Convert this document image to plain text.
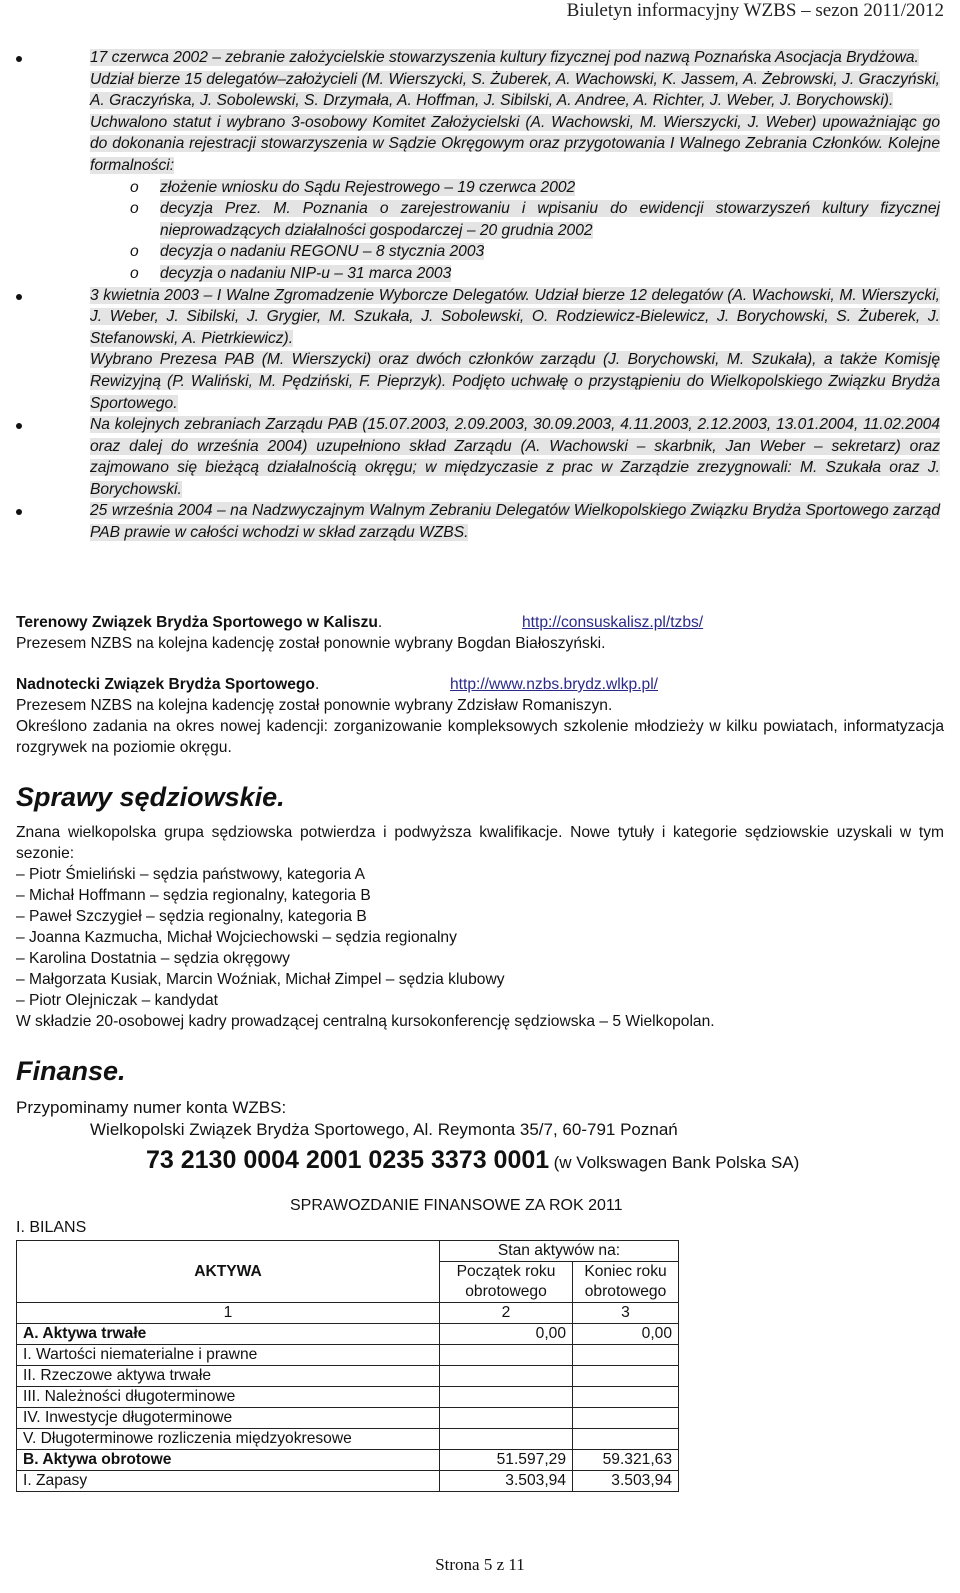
Biuletyn informacyjny WZBS – sezon 2011/2012
17 czerwca 2002 – zebranie założycielskie stowarzyszenia kultury fizycznej pod nazwą Poznańska Asocjacja Brydżowa.
Udział bierze 15 delegatów–założycieli (M. Wierszycki, S. Żuberek, A. Wachowski, K. Jassem, A. Żebrowski, J. Graczyński, A. Graczyńska, J. Sobolewski, S. Drzymała, A. Hoffman, J. Sibilski, A. Andree, A. Richter, J. Weber, J. Borychowski).
Uchwalono statut i wybrano 3-osobowy Komitet Założycielski (A. Wachowski, M. Wierszycki, J. Weber) upoważniając go do dokonania rejestracji stowarzyszenia w Sądzie Okręgowym oraz przygotowania I Walnego Zebrania Członków. Kolejne formalności:
o złożenie wniosku do Sądu Rejestrowego – 19 czerwca 2002
o decyzja Prez. M. Poznania o zarejestrowaniu i wpisaniu do ewidencji stowarzyszeń kultury fizycznej nieprowadzących działalności gospodarczej – 20 grudnia 2002
o decyzja o nadaniu REGONU – 8 stycznia 2003
o decyzja o nadaniu NIP-u – 31 marca 2003
3 kwietnia 2003 – I Walne Zgromadzenie Wyborcze Delegatów. Udział bierze 12 delegatów (A. Wachowski, M. Wierszycki, J. Weber, J. Sibilski, J. Grygier, M. Szukała, J. Sobolewski, O. Rodziewicz-Bielewicz, J. Borychowski, S. Żuberek, J. Stefanowski, A. Pietrkiewicz).
Wybrano Prezesa PAB (M. Wierszycki) oraz dwóch członków zarządu (J. Borychowski, M. Szukała), a także Komisję Rewizyjną (P. Waliński, M. Pędziński, F. Pieprzyk). Podjęto uchwałę o przystąpieniu do Wielkopolskiego Związku Brydża Sportowego.
Na kolejnych zebraniach Zarządu PAB (15.07.2003, 2.09.2003, 30.09.2003, 4.11.2003, 2.12.2003, 13.01.2004, 11.02.2004 oraz dalej do września 2004) uzupełniono skład Zarządu (A. Wachowski – skarbnik, Jan Weber – sekretarz) oraz zajmowano się bieżącą działalnością okręgu; w międzyczasie z prac w Zarządzie zrezygnowali: M. Szukała oraz J. Borychowski.
25 września 2004 – na Nadzwyczajnym Walnym Zebraniu Delegatów Wielkopolskiego Związku Brydża Sportowego zarząd PAB prawie w całości wchodzi w skład zarządu WZBS.
Terenowy Związek Brydża Sportowego w Kaliszu.	http://consuskalisz.pl/tzbs/
Prezesem NZBS na kolejna kadencję został ponownie wybrany Bogdan Białoszyński.
Nadnotecki Związek Brydża Sportowego.	http://www.nzbs.brydz.wlkp.pl/
Prezesem NZBS na kolejna kadencję został ponownie wybrany Zdzisław Romaniszyn.
Określono zadania na okres nowej kadencji: zorganizowanie kompleksowych szkolenie młodzieży w kilku powiatach, informatyzacja rozgrywek na poziomie okręgu.
Sprawy sędziowskie.
Znana wielkopolska grupa sędziowska potwierdza i podwyższa kwalifikacje. Nowe tytuły i kategorie sędziowskie uzyskali w tym sezonie:
– Piotr Śmieliński – sędzia państwowy, kategoria A
– Michał Hoffmann – sędzia regionalny, kategoria B
– Paweł Szczygieł – sędzia regionalny, kategoria B
– Joanna Kazmucha, Michał Wojciechowski – sędzia regionalny
– Karolina Dostatnia – sędzia okręgowy
– Małgorzata Kusiak, Marcin Woźniak, Michał Zimpel – sędzia klubowy
– Piotr Olejniczak – kandydat
W składzie 20-osobowej kadry prowadzącej centralną kursokonferencję sędziowska – 5 Wielkopolan.
Finanse.
Przypominamy numer konta WZBS:
Wielkopolski Związek Brydża Sportowego, Al. Reymonta 35/7, 60-791 Poznań
73 2130 0004 2001 0235 3373 0001 (w Volkswagen Bank Polska SA)
SPRAWOZDANIE FINANSOWE ZA ROK 2011
I. BILANS
AKTYWA	Stan aktywów na:	
	Początek roku obrotowego	Koniec roku obrotowego
1	2	3
A. Aktywa trwałe	0,00	0,00
I. Wartości niematerialne i prawne		
II. Rzeczowe aktywa trwałe		
III. Należności długoterminowe		
IV. Inwestycje długoterminowe		
V. Długoterminowe rozliczenia międzyokresowe		
B. Aktywa obrotowe	51.597,29	59.321,63
I. Zapasy	3.503,94	3.503,94
Strona 5 z 11
